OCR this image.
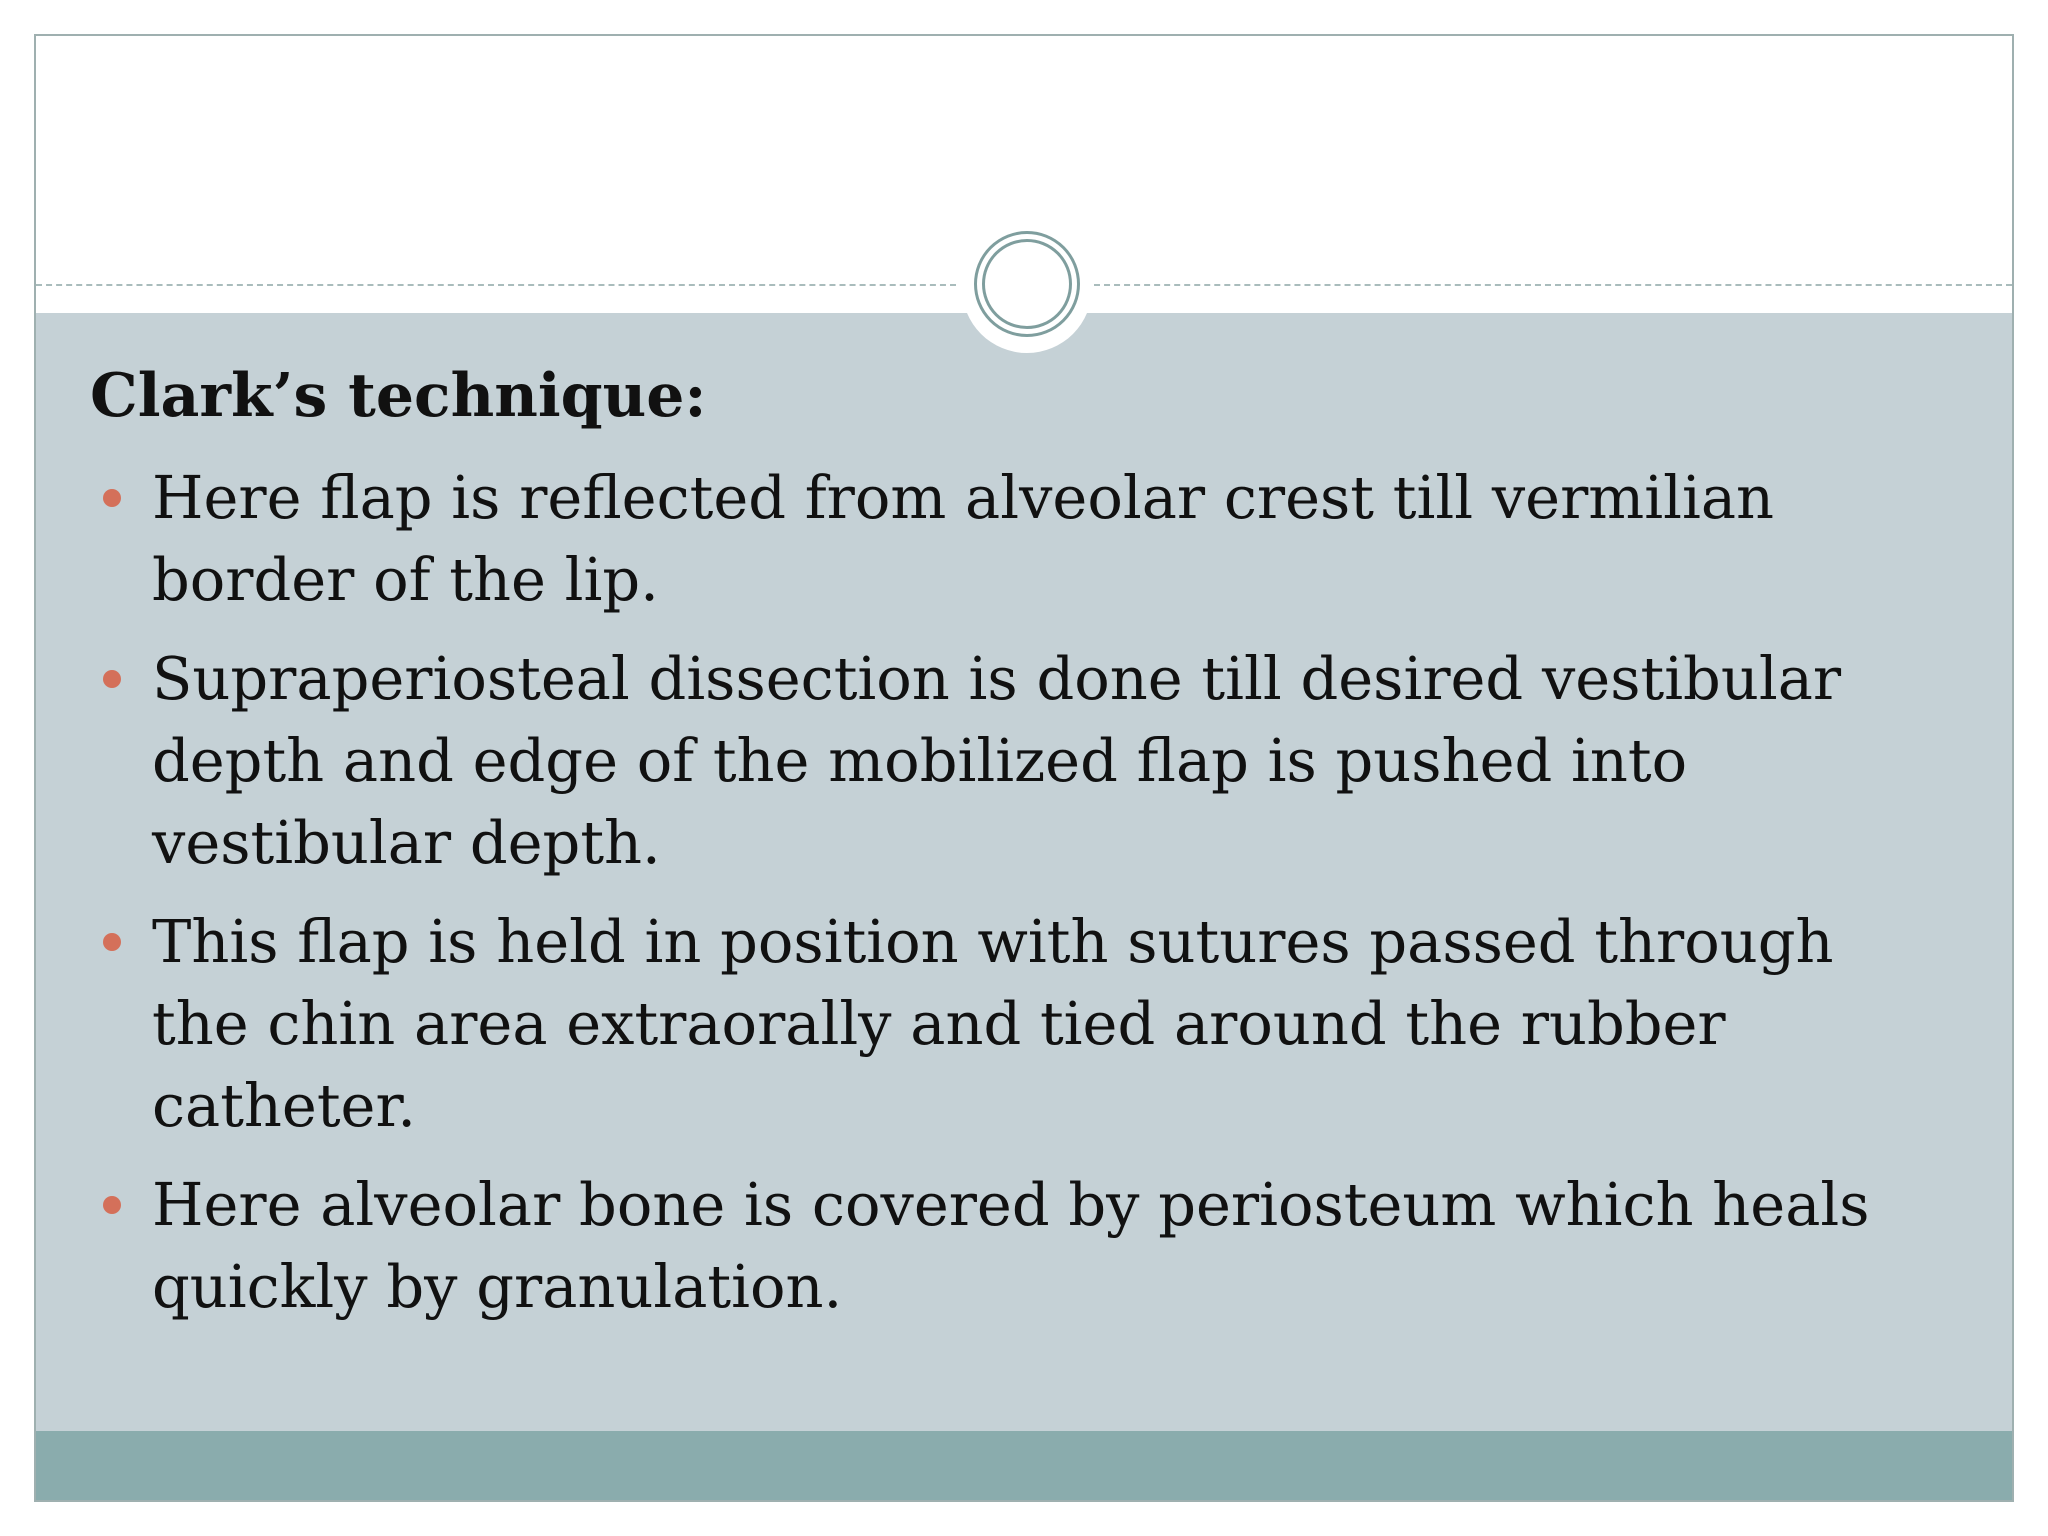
Clark’s technique:
Here flap is reflected from alveolar crest till vermilian border of the lip.
Supraperiosteal dissection is done till desired vestibular depth and edge of the mobilized flap is pushed into vestibular depth.
This flap is held in position with sutures passed through the chin area extraorally and tied around the rubber catheter.
Here alveolar bone is covered by periosteum which heals quickly by granulation.
